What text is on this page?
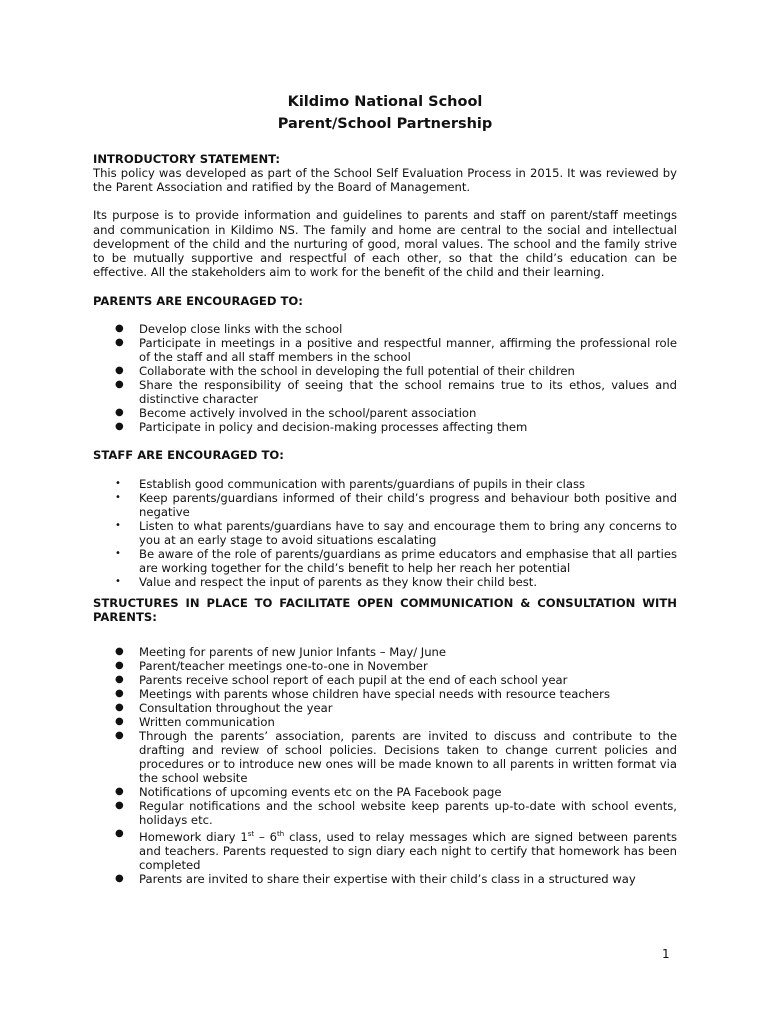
Kildimo National School

Parent/School Partnership

INTRODUCTORY STATEMENT:

This policy was developed as part of the School Self Evaluation Process in 2015. It was reviewed by the Parent Association and ratified by the Board of Management.

Its purpose is to provide information and guidelines to parents and staff on parent/staff meetings and communication in Kildimo NS. The family and home are central to the social and intellectual development of the child and the nurturing of good, moral values. The school and the family strive to be mutually supportive and respectful of each other, so that the child’s education can be effective. All the stakeholders aim to work for the benefit of the child and their learning.

PARENTS ARE ENCOURAGED TO:

● Develop close links with the school
● Participate in meetings in a positive and respectful manner, affirming the professional role of the staff and all staff members in the school
● Collaborate with the school in developing the full potential of their children
● Share the responsibility of seeing that the school remains true to its ethos, values and distinctive character
● Become actively involved in the school/parent association
● Participate in policy and decision-making processes affecting them

STAFF ARE ENCOURAGED TO:

• Establish good communication with parents/guardians of pupils in their class
• Keep parents/guardians informed of their child’s progress and behaviour both positive and negative
• Listen to what parents/guardians have to say and encourage them to bring any concerns to you at an early stage to avoid situations escalating
• Be aware of the role of parents/guardians as prime educators and emphasise that all parties are working together for the child’s benefit to help her reach her potential
• Value and respect the input of parents as they know their child best.

STRUCTURES IN PLACE TO FACILITATE OPEN COMMUNICATION & CONSULTATION WITH PARENTS:

● Meeting for parents of new Junior Infants – May/ June
● Parent/teacher meetings one-to-one in November
● Parents receive school report of each pupil at the end of each school year
● Meetings with parents whose children have special needs with resource teachers
● Consultation throughout the year
● Written communication
● Through the parents’ association, parents are invited to discuss and contribute to the drafting and review of school policies. Decisions taken to change current policies and procedures or to introduce new ones will be made known to all parents in written format via the school website
● Notifications of upcoming events etc on the PA Facebook page
● Regular notifications and the school website keep parents up-to-date with school events, holidays etc.
● Homework diary 1st – 6th class, used to relay messages which are signed between parents and teachers. Parents requested to sign diary each night to certify that homework has been completed
● Parents are invited to share their expertise with their child’s class in a structured way
1
